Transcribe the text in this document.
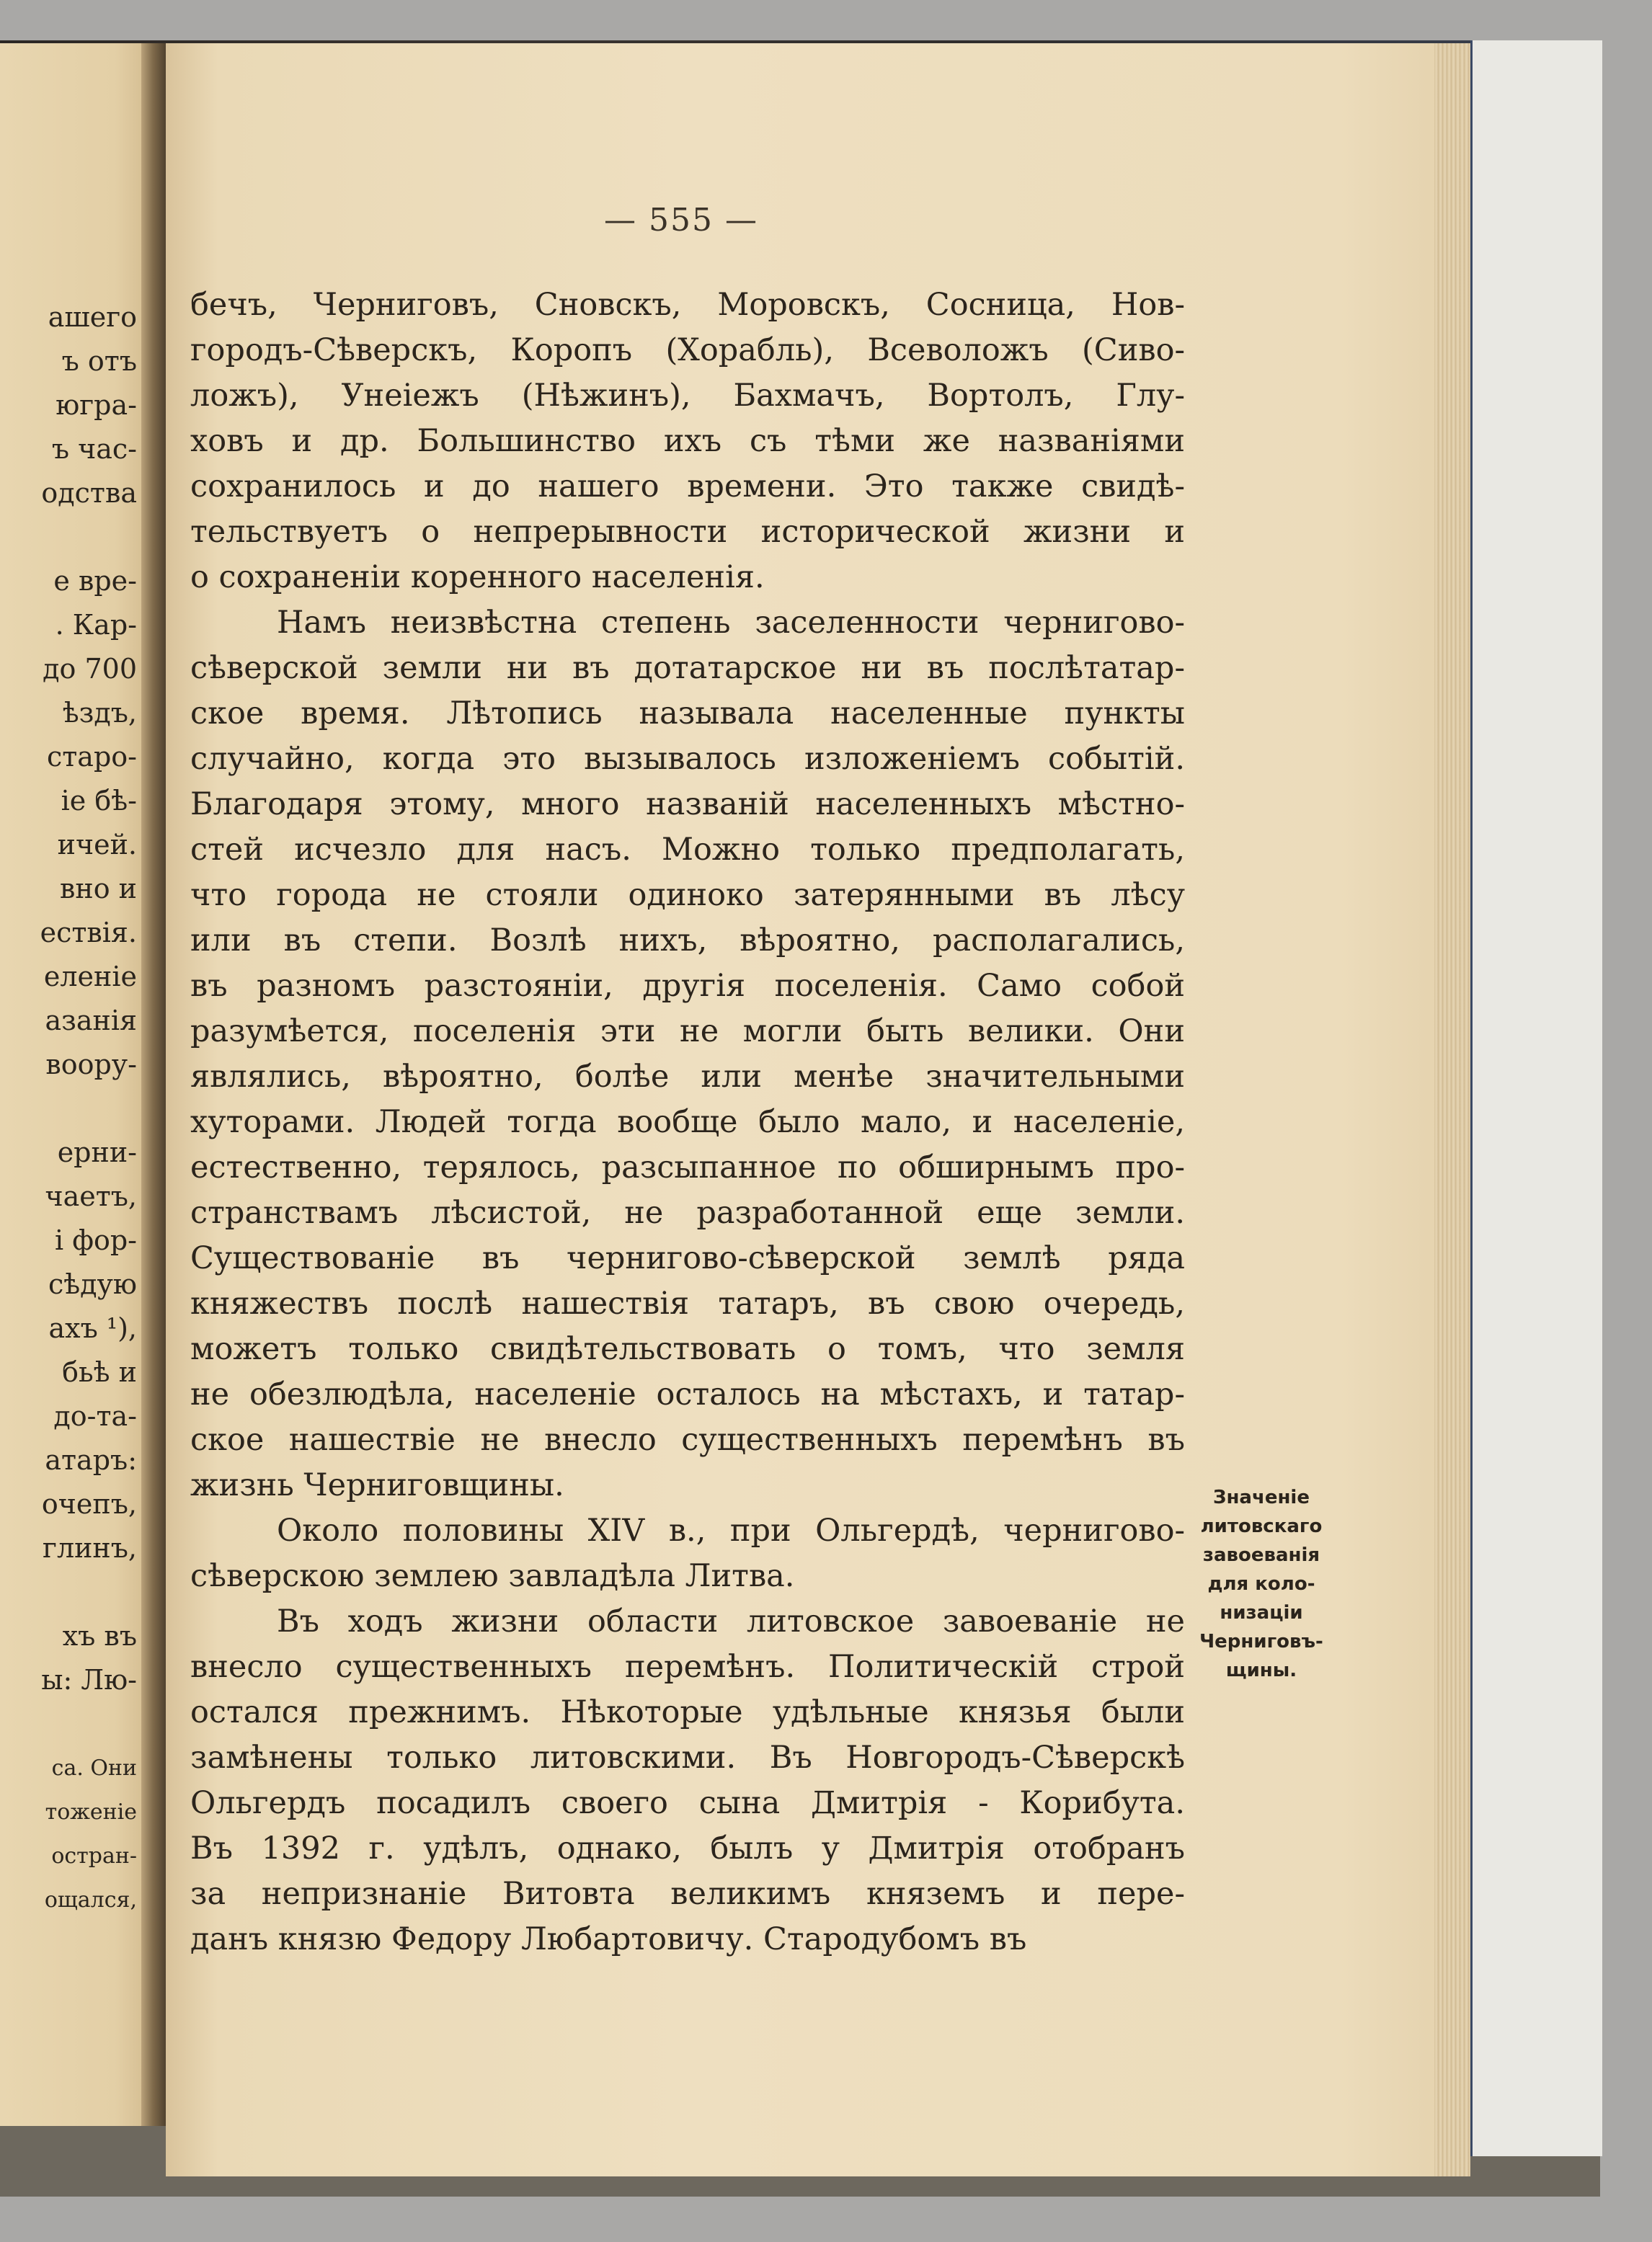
ашего
ъ отъ
югра-
ъ час-
одства
е вре-
. Кар-
до 700
ѣздъ,
старо-
іе бѣ-
ичей.
вно и
ествія.
еленіе
азанія
воору-
ерни-
чаетъ,
і фор-
сѣдую
ахъ ¹),
бьѣ и
до-та-
атаръ:
очепъ,
глинъ,
хъ въ
ы: Лю-
са. Они
тоженіе
остран-
ощался,
— 555 —
бечъ, Черниговъ, Сновскъ, Моровскъ, Сосница, Нов-
городъ-Сѣверскъ, Коропъ (Хорабль), Всеволожъ (Сиво-
ложъ), Унеіежъ (Нѣжинъ), Бахмачъ, Вортолъ, Глу-
ховъ и др. Большинство ихъ съ тѣми же названіями
сохранилось и до нашего времени. Это также свидѣ-
тельствуетъ о непрерывности исторической жизни и
о сохраненіи коренного населенія.
Намъ неизвѣстна степень заселенности черниговo-
сѣверской земли ни въ дотатарское ни въ послѣтатар-
ское время. Лѣтопись называла населенные пункты
случайно, когда это вызывалось изложеніемъ событій.
Благодаря этому, много названій населенныхъ мѣстно-
стей исчезло для насъ. Можно только предполагать,
что города не стояли одиноко затерянными въ лѣсу
или въ степи. Возлѣ нихъ, вѣроятно, располагались,
въ разномъ разстояніи, другія поселенія. Само собой
разумѣется, поселенія эти не могли быть велики. Они
являлись, вѣроятно, болѣе или менѣе значительными
хуторами. Людей тогда вообще было мало, и населеніе,
естественно, терялось, разсыпанное по обширнымъ про-
странствамъ лѣсистой, не разработанной еще земли.
Существованіе въ черниговo-сѣверской землѣ ряда
княжествъ послѣ нашествія татаръ, въ свою очередь,
можетъ только свидѣтельствовать о томъ, что земля
не обезлюдѣла, населеніе осталось на мѣстахъ, и татар-
ское нашествіе не внесло существенныхъ перемѣнъ въ
жизнь Черниговщины.
Около половины XIV в., при Ольгердѣ, черниговo-
сѣверскою землею завладѣла Литва.
Въ ходъ жизни области литовское завоеваніе не
внесло существенныхъ перемѣнъ. Политическій строй
остался прежнимъ. Нѣкоторые удѣльные князья были
замѣнены только литовскими. Въ Новгородъ-Сѣверскѣ
Ольгердъ посадилъ своего сына Дмитрія - Корибута.
Въ 1392 г. удѣлъ, однако, былъ у Дмитрія отобранъ
за непризнаніе Витовта великимъ княземъ и пере-
данъ князю Федору Любартовичу. Стародубомъ въ
Значеніе
литовскаго
завоеванія
для коло-
низаціи
Черниговъ-
щины.
